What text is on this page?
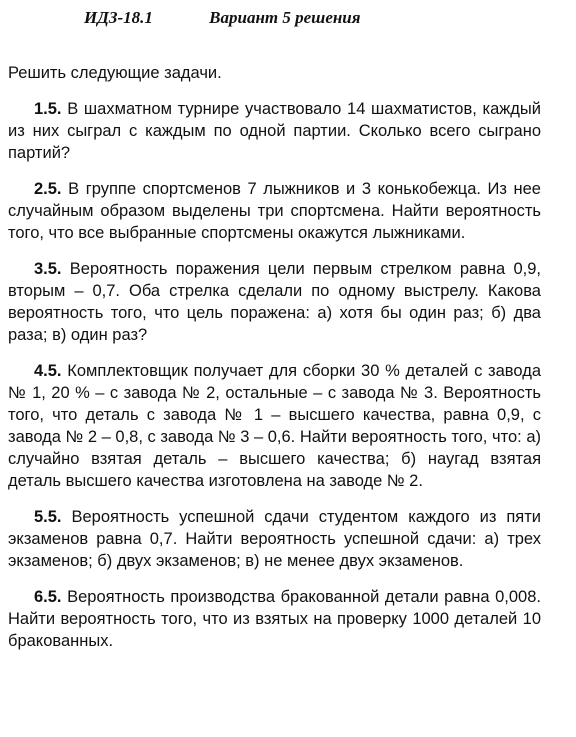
ИДЗ-18.1	Вариант 5 решения
Решить следующие задачи.

1.5. В шахматном турнире участвовало 14 шахматистов, каждый из них сыграл с каждым по одной партии. Сколько всего сыграно партий?

2.5. В группе спортсменов 7 лыжников и 3 конькобежца. Из нее случайным образом выделены три спортсмена. Найти вероятность того, что все выбранные спортсмены окажутся лыжниками.

3.5. Вероятность поражения цели первым стрелком равна 0,9, вторым – 0,7. Оба стрелка сделали по одному выстрелу. Какова вероятность того, что цель поражена: а) хотя бы один раз; б) два раза; в) один раз?

4.5. Комплектовщик получает для сборки 30 % деталей с завода № 1, 20 % – с завода № 2, остальные – с завода № 3. Вероятность того, что деталь с завода № 1 – высшего качества, равна 0,9, с завода № 2 – 0,8, с завода № 3 – 0,6. Найти вероятность того, что: а) случайно взятая деталь – высшего качества; б) наугад взятая деталь высшего качества изготовлена на заводе № 2.

5.5. Вероятность успешной сдачи студентом каждого из пяти экзаменов равна 0,7. Найти вероятность успешной сдачи: а) трех экзаменов; б) двух экзаменов; в) не менее двух экзаменов.

6.5. Вероятность производства бракованной детали равна 0,008. Найти вероятность того, что из взятых на проверку 1000 деталей 10 бракованных.
